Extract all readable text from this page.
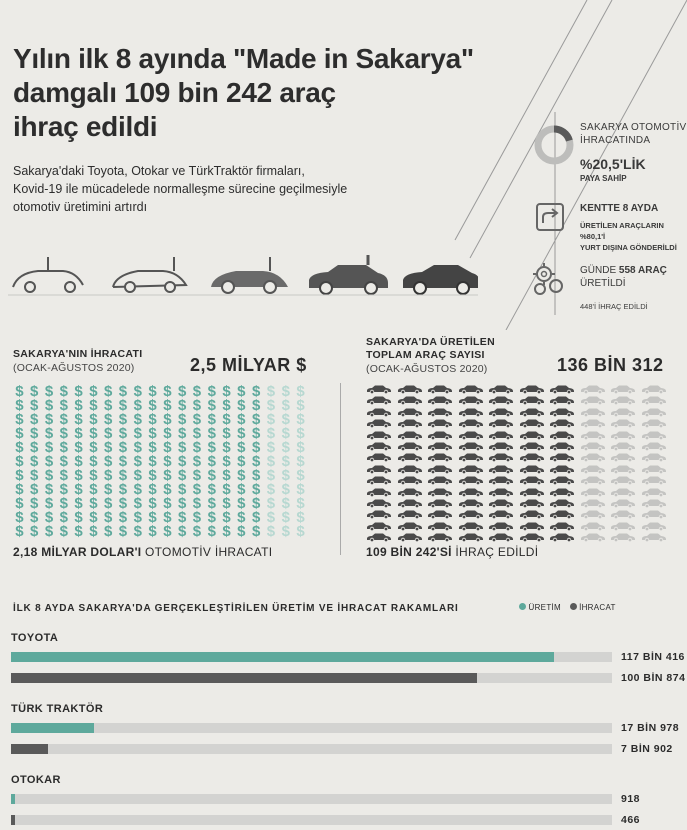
Yılın ilk 8 ayında "Made in Sakarya"
damgalı 109 bin 242 araç
ihraç edildi
Sakarya'daki Toyota, Otokar ve TürkTraktör firmaları,
Kovid-19 ile mücadelede normalleşme sürecine geçilmesiyle
otomotiv üretimini artırdı
SAKARYA OTOMOTİV
İHRACATINDA
%20,5'LİK
PAYA SAHİP
KENTTE 8 AYDA
ÜRETİLEN ARAÇLARIN %80,1'İ
YURT DIŞINA GÖNDERİLDİ
GÜNDE 558 ARAÇ
ÜRETİLDİ
448'İ İHRAÇ EDİLDİ
SAKARYA'NIN İHRACATI
(OCAK-AĞUSTOS 2020)	2,5 MİLYAR $
$ $ $ $ $ $ $ $ $ $ $ $ $ $ $ $ $ $ $ $
$ $ $ $ $ $ $ $ $ $ $ $ $ $ $ $ $ $ $ $
$ $ $ $ $ $ $ $ $ $ $ $ $ $ $ $ $ $ $ $
$ $ $ $ $ $ $ $ $ $ $ $ $ $ $ $ $ $ $ $
$ $ $ $ $ $ $ $ $ $ $ $ $ $ $ $ $ $ $ $
$ $ $ $ $ $ $ $ $ $ $ $ $ $ $ $ $ $ $ $
$ $ $ $ $ $ $ $ $ $ $ $ $ $ $ $ $ $ $ $
$ $ $ $ $ $ $ $ $ $ $ $ $ $ $ $ $ $ $ $
$ $ $ $ $ $ $ $ $ $ $ $ $ $ $ $ $ $ $ $
$ $ $ $ $ $ $ $ $ $ $ $ $ $ $ $ $ $ $ $
$ $ $ $ $ $ $ $ $ $ $ $ $ $ $ $ $ $ $ $
2,18 MİLYAR DOLAR'I OTOMOTİV İHRACATI
SAKARYA'DA ÜRETİLEN
TOPLAM ARAÇ SAYISI
(OCAK-AĞUSTOS 2020)	136 BİN 312
109 BİN 242'Sİ İHRAÇ EDİLDİ
İLK 8 AYDA SAKARYA'DA GERÇEKLEŞTİRİLEN ÜRETİM VE İHRACAT RAKAMLARI	ÜRETİM İHRACAT
TOYOTA
117 BİN 416
100 BİN 874
TÜRK TRAKTÖR
17 BİN 978
7 BİN 902
OTOKAR
918
466
